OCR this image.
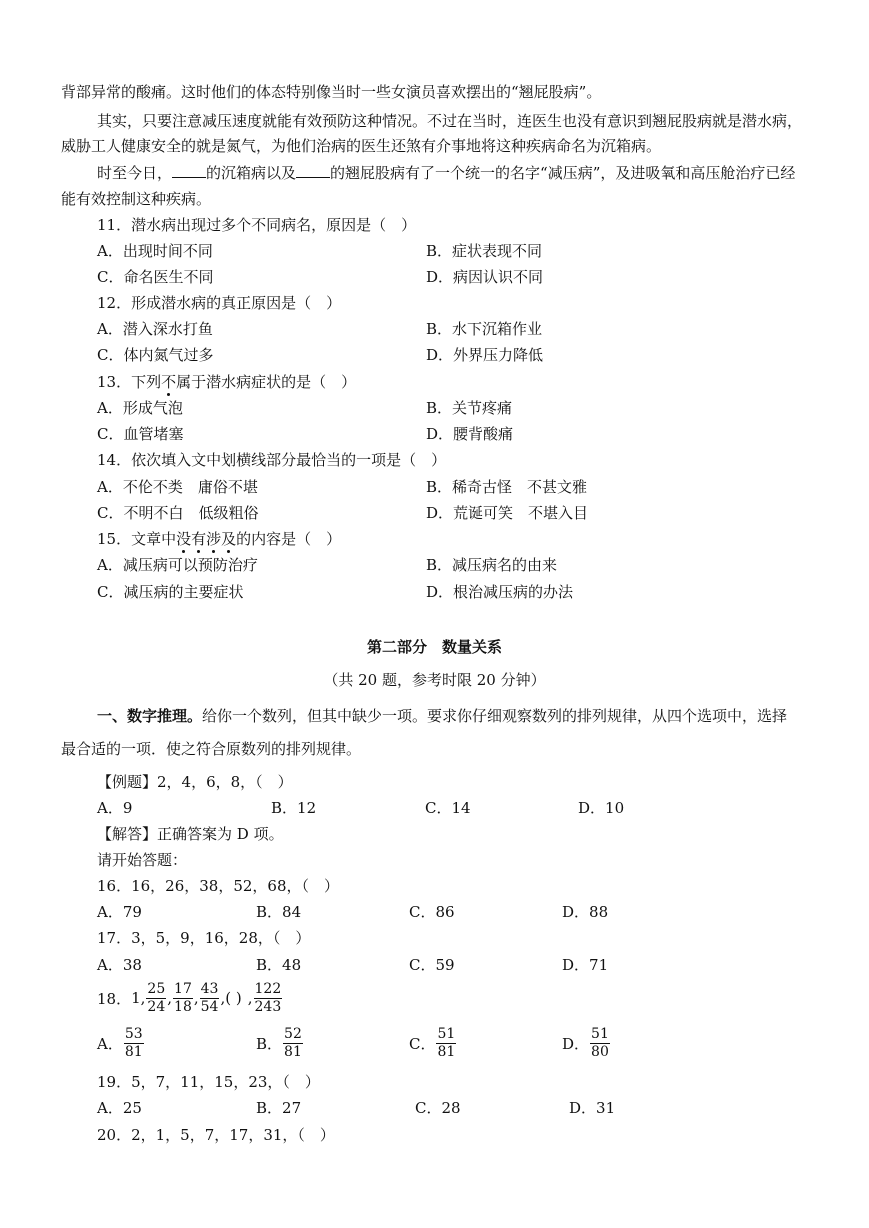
背部异常的酸痛。这时他们的体态特别像当时一些女演员喜欢摆出的“翘屁股病”。
其实，只要注意减压速度就能有效预防这种情况。不过在当时，连医生也没有意识到翘屁股病就是潜水病，
威胁工人健康安全的就是氮气，为他们治病的医生还煞有介事地将这种疾病命名为沉箱病。
时至今日， 的沉箱病以及 的翘屁股病有了一个统一的名字“减压病”，及进吸氧和高压舱治疗已经
能有效控制这种疾病。
11．潜水病出现过多个不同病名，原因是（　）
A．出现时间不同	B．症状表现不同
C．命名医生不同	D．病因认识不同
12．形成潜水病的真正原因是（　）
A．潜入深水打鱼	B．水下沉箱作业
C．体内氮气过多	D．外界压力降低
13．下列不属于潜水病症状的是（　）
A．形成气泡	B．关节疼痛
C．血管堵塞	D．腰背酸痛
14．依次填入文中划横线部分最恰当的一项是（　）
A．不伦不类　庸俗不堪	B．稀奇古怪　不甚文雅
C．不明不白　低级粗俗	D．荒诞可笑　不堪入目
15．文章中没有涉及的内容是（　）
A．减压病可以预防治疗	B．减压病名的由来
C．减压病的主要症状	D．根治减压病的办法
第二部分　数量关系
（共 20 题，参考时限 20 分钟）
一、数字推理。给你一个数列，但其中缺少一项。要求你仔细观察数列的排列规律，从四个选项中，选择
最合适的一项．使之符合原数列的排列规律。
【例题】2，4，6，8，（　）
A．9	B．12	C．14	D．10
【解答】正确答案为 D 项。
请开始答题：
16．16，26，38，52，68，（　）
A．79	B．84	C．86	D．88
17．3，5，9，16，28，（　）
A．38	B．48	C．59	D．71
18． 1 , $\frac{25}{24}$ , $\frac{17}{18}$ , $\frac{43}{54}$ , ( ) , $\frac{122}{243}$
A． $\frac{53}{81}$	B． $\frac{52}{81}$	C． $\frac{51}{81}$	D． $\frac{51}{80}$
19．5，7，11，15，23，（　）
A．25	B．27	C．28	D．31
20．2，1，5，7，17，31，（　）
